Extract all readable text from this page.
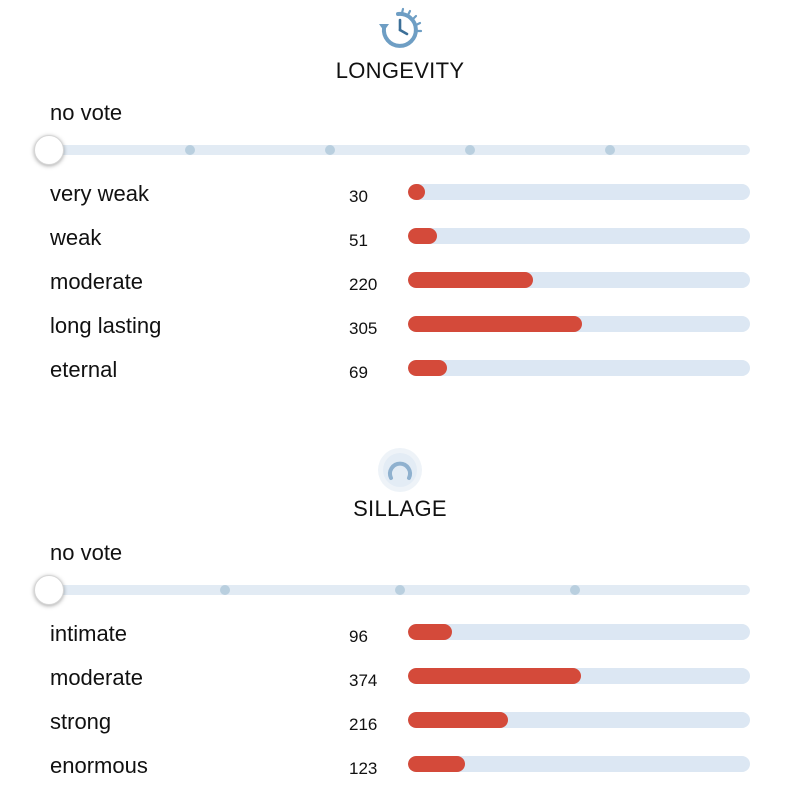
LONGEVITY
no vote
very weak	30
weak	51
moderate	220
long lasting	305
eternal	69
SILLAGE
no vote
intimate	96
moderate	374
strong	216
enormous	123
